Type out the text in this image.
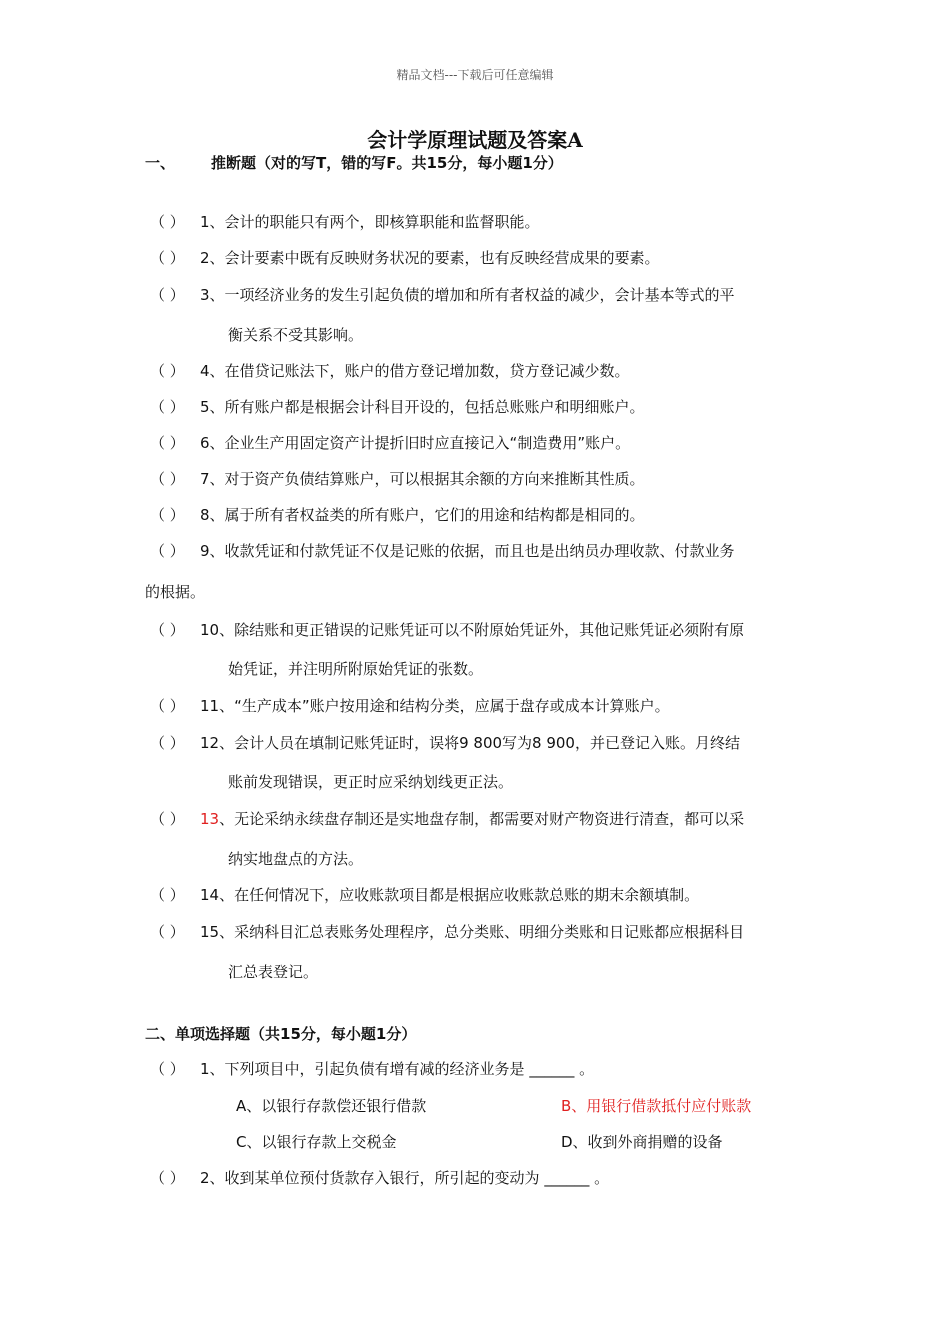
精品文档---下载后可任意编辑
会计学原理试题及答案A
一、 推断题（对的写T，错的写F。共15分，每小题1分）
（ ） 1、会计的职能只有两个，即核算职能和监督职能。
（ ） 2、会计要素中既有反映财务状况的要素，也有反映经营成果的要素。
（ ） 3、一项经济业务的发生引起负债的增加和所有者权益的减少，会计基本等式的平
衡关系不受其影响。
（ ） 4、在借贷记账法下，账户的借方登记增加数，贷方登记减少数。
（ ） 5、所有账户都是根据会计科目开设的，包括总账账户和明细账户。
（ ） 6、企业生产用固定资产计提折旧时应直接记入“制造费用”账户。
（ ） 7、对于资产负债结算账户，可以根据其余额的方向来推断其性质。
（ ） 8、属于所有者权益类的所有账户，它们的用途和结构都是相同的。
（ ） 9、收款凭证和付款凭证不仅是记账的依据，而且也是出纳员办理收款、付款业务
的根据。
（ ） 10、除结账和更正错误的记账凭证可以不附原始凭证外，其他记账凭证必须附有原
始凭证，并注明所附原始凭证的张数。
（ ） 11、“生产成本”账户按用途和结构分类，应属于盘存或成本计算账户。
（ ） 12、会计人员在填制记账凭证时，误将9 800写为8 900，并已登记入账。月终结
账前发现错误，更正时应采纳划线更正法。
（ ） 13、无论采纳永续盘存制还是实地盘存制，都需要对财产物资进行清查，都可以采
纳实地盘点的方法。
（ ） 14、在任何情况下，应收账款项目都是根据应收账款总账的期末余额填制。
（ ） 15、采纳科目汇总表账务处理程序，总分类账、明细分类账和日记账都应根据科目
汇总表登记。
二、单项选择题（共15分，每小题1分）
（ ） 1、下列项目中，引起负债有增有减的经济业务是 ______ 。
A、以银行存款偿还银行借款	B、用银行借款抵付应付账款
C、以银行存款上交税金	D、收到外商捐赠的设备
（ ） 2、收到某单位预付货款存入银行，所引起的变动为 ______ 。
